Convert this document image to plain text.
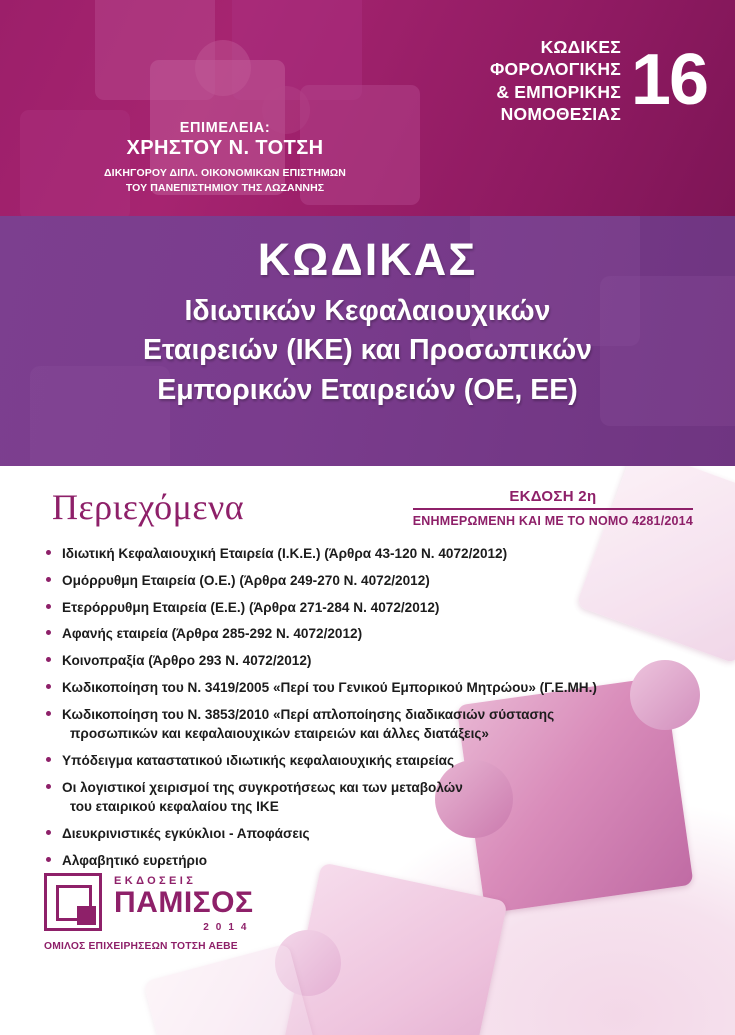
ΚΩΔΙΚΕΣ
ΦΟΡΟΛΟΓΙΚΗΣ
& ΕΜΠΟΡΙΚΗΣ
ΝΟΜΟΘΕΣΙΑΣ 16
ΕΠΙΜΕΛΕΙΑ:
ΧΡΗΣΤΟΥ Ν. ΤΟΤΣΗ
ΔΙΚΗΓΟΡΟΥ ΔΙΠΛ. ΟΙΚΟΝΟΜΙΚΩΝ ΕΠΙΣΤΗΜΩΝ
ΤΟΥ ΠΑΝΕΠΙΣΤΗΜΙΟΥ ΤΗΣ ΛΩΖΑΝΝΗΣ
ΚΩΔΙΚΑΣ
Ιδιωτικών Κεφαλαιουχικών
Εταιρειών (ΙΚΕ) και Προσωπικών
Εμπορικών Εταιρειών (ΟΕ, ΕΕ)
Περιεχόμενα	ΕΚΔΟΣΗ 2η
ΕΝΗΜΕΡΩΜΕΝΗ ΚΑΙ ΜΕ ΤΟ ΝΟΜΟ 4281/2014
Ιδιωτική Κεφαλαιουχική Εταιρεία (Ι.Κ.Ε.) (Άρθρα 43-120 Ν. 4072/2012)
Ομόρρυθμη Εταιρεία (Ο.Ε.) (Άρθρα 249-270 Ν. 4072/2012)
Ετερόρρυθμη Εταιρεία (Ε.Ε.) (Άρθρα 271-284 Ν. 4072/2012)
Αφανής εταιρεία (Άρθρα 285-292 Ν. 4072/2012)
Κοινοπραξία (Άρθρο 293 Ν. 4072/2012)
Κωδικοποίηση του Ν. 3419/2005 «Περί του Γενικού Εμπορικού Μητρώου» (Γ.Ε.ΜΗ.)
Κωδικοποίηση του Ν. 3853/2010 «Περί απλοποίησης διαδικασιών σύστασης
προσωπικών και κεφαλαιουχικών εταιρειών και άλλες διατάξεις»
Υπόδειγμα καταστατικού ιδιωτικής κεφαλαιουχικής εταιρείας
Οι λογιστικοί χειρισμοί της συγκροτήσεως και των μεταβολών
του εταιρικού κεφαλαίου της ΙΚΕ
Διευκρινιστικές εγκύκλιοι - Αποφάσεις
Αλφαβητικό ευρετήριο
ΕΚΔΟΣΕΙΣ
ΠΑΜΙΣΟΣ
2014
ΟΜΙΛΟΣ ΕΠΙΧΕΙΡΗΣΕΩΝ ΤΟΤΣΗ ΑΕΒΕ
